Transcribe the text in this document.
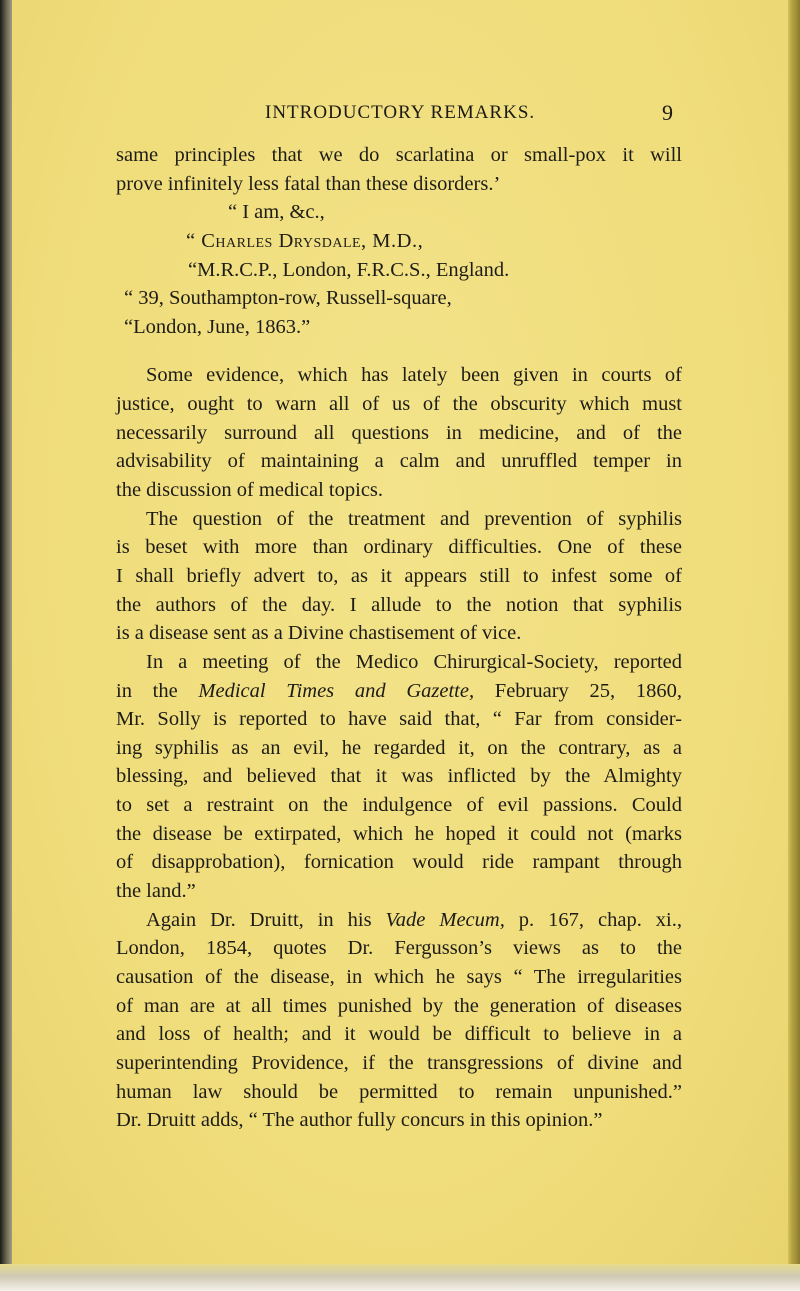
INTRODUCTORY REMARKS.	9
same principles that we do scarlatina or small-pox it will
prove infinitely less fatal than these disorders.’
“ I am, &c.,
“ Charles Drysdale, M.D.,
“M.R.C.P., London, F.R.C.S., England.
“ 39, Southampton-row, Russell-square,
“London, June, 1863.”
Some evidence, which has lately been given in courts of
justice, ought to warn all of us of the obscurity which must
necessarily surround all questions in medicine, and of the
advisability of maintaining a calm and unruffled temper in
the discussion of medical topics.
The question of the treatment and prevention of syphilis
is beset with more than ordinary difficulties. One of these
I shall briefly advert to, as it appears still to infest some of
the authors of the day. I allude to the notion that syphilis
is a disease sent as a Divine chastisement of vice.
In a meeting of the Medico Chirurgical-Society, reported
in the Medical Times and Gazette, February 25, 1860,
Mr. Solly is reported to have said that, “ Far from consider-
ing syphilis as an evil, he regarded it, on the contrary, as a
blessing, and believed that it was inflicted by the Almighty
to set a restraint on the indulgence of evil passions. Could
the disease be extirpated, which he hoped it could not (marks
of disapprobation), fornication would ride rampant through
the land.”
Again Dr. Druitt, in his Vade Mecum, p. 167, chap. xi.,
London, 1854, quotes Dr. Fergusson’s views as to the
causation of the disease, in which he says “ The irregularities
of man are at all times punished by the generation of diseases
and loss of health; and it would be difficult to believe in a
superintending Providence, if the transgressions of divine and
human law should be permitted to remain unpunished.”
Dr. Druitt adds, “ The author fully concurs in this opinion.”
